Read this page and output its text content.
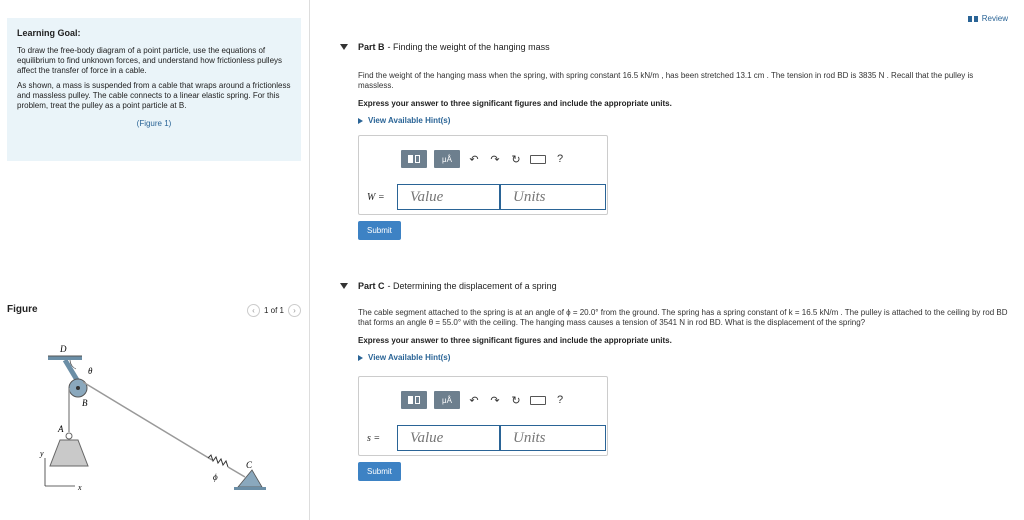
Learning Goal:

To draw the free-body diagram of a point particle, use the equations of equilibrium to find unknown forces, and understand how frictionless pulleys affect the transfer of force in a cable.

As shown, a mass is suspended from a cable that wraps around a frictionless and massless pulley. The cable connects to a linear elastic spring. For this problem, treat the pulley as a point particle at B.

(Figure 1)
Figure	‹	1 of 1	›
D
θ
B
A
C
ϕ
y
x
Review
Part B - Finding the weight of the hanging mass
Find the weight of the hanging mass when the spring, with spring constant 16.5 kN/m , has been stretched 13.1 cm . The tension in rod BD is 3835 N . Recall that the pulley is massless.
Express your answer to three significant figures and include the appropriate units.
View Available Hint(s)
μÅ	↶ ↷ ↻	?
W =
Value
Units
Submit
Part C - Determining the displacement of a spring
The cable segment attached to the spring is at an angle of ϕ = 20.0° from the ground. The spring has a spring constant of k = 16.5 kN/m . The pulley is attached to the ceiling by rod BD that forms an angle θ = 55.0° with the ceiling. The hanging mass causes a tension of 3541 N in rod BD. What is the displacement of the spring?
Express your answer to three significant figures and include the appropriate units.
View Available Hint(s)
μÅ	↶ ↷ ↻	?
s =
Value
Units
Submit
